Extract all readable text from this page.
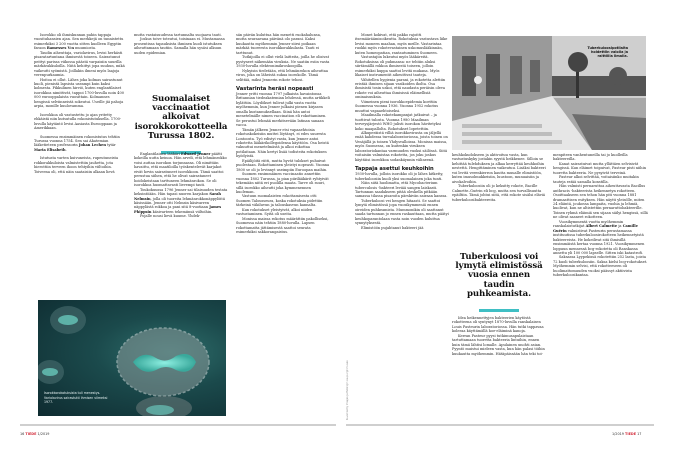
Isorokko oli ihmiskunnan pahin tappaja vuosituhansien ajan. Sen merkkejä on tunnistettu esimerkiksi 3 200 vuotta sitten kuolleen Egyptin faraon Ramesses V:n muumiosta.

Taudin aiheuttaja, variolavirus, levisi herkästi pisaratartuntana ihmisestä toiseen. Sairastunut peittyi parissa viikossa päästä varpaisiin suurilla märkärakkuloilla. Niitä kehittyi jopa suuhun, mikä vaikeutti syömistä. Joillakin ilmeni myös laajoja verenpurkaumia.

Hoitoa ei ollut. Lähes joka kolmas sairastunut kuoli, pienistä lapsista useampi kuin kaksi kolmesta. Pikkulinen hirviö, kuten englantilaiset isorokkoa nimittivät, tappoi 1700-luvulla noin 400 000 eurooppalaista vuosittain. Kolmannes hengissä selviinneistä sokeutui. Useille jäi pahoja arpia, monille kuulovamma.

Isorokkoa oli vastustettu jo ajan yritetty ehkäistä niin kutsutulla rokonistutuksella. 1700-luvulla käytäntö levisi Aasiasta Eurooppaan ja Amerikkaan.

Suomessa ensimmäinen rokonistutus tehtiin Turussa vuonna 1754. Sen sai Akatemian lääketieteen professorin Johan Lechen tytär Maria Elisabeth.

Istutusta varten kuivuneista, rupeutuneista rokkorakkuloista valmistettiin jauhetta, jota hierottiin terveen ihoon tehtyihin viiltoihin. Toiveena oli, että näin saataisiin alkaan lievä

mutta vastaisuudessa tartunnalta suojaava tauti.

Joskus toive toteutui, toisinaan ei. Mustamassa prosentissa tapauksista ihminen kuoli istutuksen aiheuttamaan tautiin. Samalla hän sysäsi alkuun uuden epidemian.

Suomalaiset vaccinaatiot alkoivat isorokkorokotteella Turussa 1802.

Englantilainen lääkäri Edward Jenner päätti kokeilla uutta keinoa. Hän arveli, että lehmänrokko voisi auttaa isorokon torjunnassa. Oli nimittäin havaittu, että maatiloilla työskentelevät karjakot eivät hevin sairastuneet isorokkoon. Tämä saattoi perustua siihen, että he olivat sairastaneet hoidokeistaan tarttuneen lehmänrokon. Se oli isorokkoa huomattavasti lievempi tauti.

Toukokuussa 1796 Jenner sai tilaisuuden testata keksintöään. Hän tapasi nuoren karjakon Sarah Nelmsin, jolla oli tuoreita lehmänrokkonäppylöitä käsissään. Jenner otti Nelmsin käsivarren näppylästä rokkoa ja pani sitä 8-vuotiaan James Phippsin käsivarteen tekemiinsä viiltoihin.

Pojalle nousi lievä kuume. Yhdek-

sän päivän kuluttua hän menetti ruokahalunsa, mutta seuraavana päivänä olo parani. Kaksi kuukautta myöhemmin Jenner siirsi poikaan märkää tuoreesta isorokkorakkulasta. Tauti ei tarttunut.

Tutkijoilla ei ollut vielä laitteita, joilla he olisivat pystyneet näkemään viruksia. Ne saatiin esiin vasta 1930-luvulla elektronimikroskoopilla.

Nykyisin tiedetään, että lehmänrokon aiheuttaa virus, joka on läheistä sukua isorokolle. Tämä selittää, miksi Jennerin rokote tehosi.

Vastarinta heräsi nopeasti

Jenner yritti vuonna 1797 julkaista havaintonsa Britannian tiedeakatemian lehdessä, mutta artikkeli hylättiin. Löydökset tulivat julki vasta vuotta myöhemmin, kun Jenner julkaisi pienen kirjasen omalla kustannuksellaan. Siinä hän antoi menetelmälle nimen vaccination eli rokottaminen. Se perustui lehmää merkitsevään latinan sanaan vacca.

Tämän jälkeen Jenner etsi vapaaehtoisia rokotuskokeisiin muttei löytänyt, ei edes suuresta Lontoosta. Työ edistyi vasta, kun Jenner antoi rokotetta lääkärikollegoidensa käyttöön. Osa heistä vakuuttui menetelmästä ja alkoi rokottaa potilaitaan. Näin kertyi lisää todisteita rokotuksen hyödyistä.

Epäilijöitä riitti, mutta hyvät tulokset puhuivat puolestaan. Rokottaminen yleistyi nopeasti. Vuonna 1800 se oli jo levinnyt useimpiin Euroopan maihin.

Suomen ensimmäinen vaccinaatio annettiin vuonna 1802 Turussa, ja pian piirilääkärit ryhtyivät tekemään niitä eri puolilla maata. Tarve oli suuri, sillä isorokko aiheutti joka kymmenennen kuoleman.

Vastuun suomalaisten rokottamisesta otti Suomen Talousseura, koska rokotuksia pidettiin tärkeinä väkiluvun ja talouskasvun kannalta.

Kun rokotukset yleistyivät, alkoi niiden vastustaminen. Syitä oli useita.

Monissa maissa rokotus määrättiin pakolliseksi, Suomessa näin tehtiin 1880-luvulla. Lapsen rokottamatta jättämisestä saattoi seurata esimerkiksi sakkorangaistus.

Isorokkorokotuksista tuli menestys. Variolavirus sairastutti ihmisen viimeksi 1977.
16 TIEDE 1/2019

Monet kokivat, että pakko rajoitti itsemääräämisoikeutta. Rokotuksia vastustava liike levisi moneen maahan, myös meille. Vastarintaa ruokki myös rokotevastainen uskomuslääkinnän, kuten homeopatian, rantautuminen Suomeen.

Vastustajiin lukeutui myös lääkäreitä. Rokotuksissa oli puhmansa: ne tehtiin aluksi siirtämällä rokkoa ihmisestä toiseen, jolloin esimerkiksi kuppa saattoi levitä mukana. Myös likaiset instrumentit aiheuttivat tauteja.

Vähitellen hygienia parani, ja rokotetta alettiin eristää ihmisen sijaan vasikoiden iholta. Osa ihmisistä tosin uskoi, että naudasta peräisin oleva rokote voi aiheuttaa ihmisissä eläimellisiä ominaisuuksia.

Viimeinen pieni isorokkoepidemia koettiin Suomessa vuonna 1936. Vuonna 1952 rokotus muuttui vapaaehtoiseksi.

Maailmalla rokotekampanjat jatkuivat – ja tuottivat tulosta. Vuonna 1980 Maailman terveysjärjestö WHO julisti isorokon hävitetyksi koko maapallolta. Rokotukset lopetettiin.

Alkuperäistä villiä isorokkovirusta on jäljellä enää kahdessa turvalaboratoriossa, joista toinen on Venäjällä ja toinen Yhdysvalloissa. Monissa maissa, myös Suomessa, on kuitenkin viruksen laboratoriokantaa varmuuden vuoksi säilössä. Siitä voitaisiin valmistaa rokotetta, jos joku joskus käyttäisi isorokkoa sodankäynnin välineenä.

Tappaja asettui keuhkoihin

1930-luvulla, jolloin isorokko oli jo lähes kitketty, tuberkuloosiin kuoli yksi suomalainen joka tunti.

Näin siitä huolimatta, että Mycobacterium tuberculosis -bakteeri leviää sangen laiskasti. Tartunnan saadakseen pitää oleskella pitkään samassa tilassa pisaroita pärskivän sairaan kanssa.

Tuberkuloosi vei hengen hitaasti. Se saattoi lymytä elimistössä jopa vuosikymmeniä ennen oireiden puhkeamista. Mummonikin oli saattanut saada tartunnan jo ennen raskauttaan, mutta päätyi keuhkoparantolaan vasta noin vuoden kuluttua synnytyksestä.

Elimistöön pujahtanut bakteeri jää

Kuvat Getty Images ja Helsingin kaupunginmuseo
Tuberkuloosipotilaita hoidettiin valolla ja raittiilla ilmalla.

keuhkokudokseen ja aktivoituu vasta, kun vastustuskyky jostakin syystä heikkenee. Silloin se kehittää tulehduksen ja alkaa kerryttää keuhkoihin nestettä. Hengittäminen vaikeutuu. Lisäksi bakteeri voi levitä verenkierron kautta muualle elimistöön, kuten imusolmukkeisiin, luustoon, munuaisiin ja aivokalvoihin.

Tuberkuloosiin oli jo keksitty rokote, Bacille Calmette–Guérin eli bcg, mutta sen turvallisuutta epäiltiin. Tämä johtui siitä, että rokote sisälsi eläviä tuberkuloosibakteereita.

Tuberkuloosi voi lymytä elimistössä vuosia ennen taudin puhkeamista.

Idea heikennettyjen bakteerien käytöstä rokotteena oli syntynyt 1870-luvulla ranskalaisen Louis Pasteurin laboratoriossa. Hän tutki tappavaa koleraa käyttämällä koe-eläiminä kanoja.

Kerran Pasteur pyysi tutkimusapulaistaan tartuttamaan tuoretta bakteeria lintuihin, ennen kuin tämä lähtisi lomalle. Apulainen unohti asian. Pyyntö muistui mieleen vasta, kun hän palasi töihin kuukautta myöhemmin. Hätäpäissään hän teki toi-

menpiteen vanhentuneilla tai jo kuolleilla bakteereilla.

Kanat sairastuivat mutta yllättäen selvisivät hengissä. Kun eläimet toipuivat, Pasteur pisti niihin tuoretta bakteeria. Ne pysyivät terveinä.

Pasteur alkoi selvittää, voitaisiinko muitakin tauteja estää samalla konstilla.

Hän valmisti pernaruttoa aiheuttavasta Bacillus anthracis -bakteerista heikennetyn rokotteen. Osoittaakseen sen tehon hän piti vuonna 1881 dramaattisen esityksen. Hän näytti yleisölle, miten 24 eläintä, joukossa lampaita, vuohia ja lehmiä, kuolivat, kun ne altistettiin pernaruttobakteerille. Toinen ryhmä eläimiä sen sijaan säilyi hengissä, sillä ne olivat saaneet rokotteen.

Vuosikymmentä vuotta myöhemmin ranskalaistutkijat Albert Calmette ja Camille Guérin valmistivat Pasteurin perustamassa instituutissa tuberkuloosirokotteen heikennetyistä bakteereista. He kokeilivat sitä ihmisillä ensimmäistä kertaa vuonna 1921. Vuosikymmenen loppuun mennessä bcg-rokotetta oli Ranskassa annettu yli 100 000 lapselle. Sitten iski katastrofi.

Saksassa Lyypekissä rokotettiin 252 lasta, joista 72 kuoli tuberkuloosiin. Saksa kielsi bcg-rokotukset. Myöhemmin selvisi, että rokotteeseen oli huolimattomuuden vuoksi päässyt aktiivista tuberkuloosikantaa.

1/2019 TIEDE 17
